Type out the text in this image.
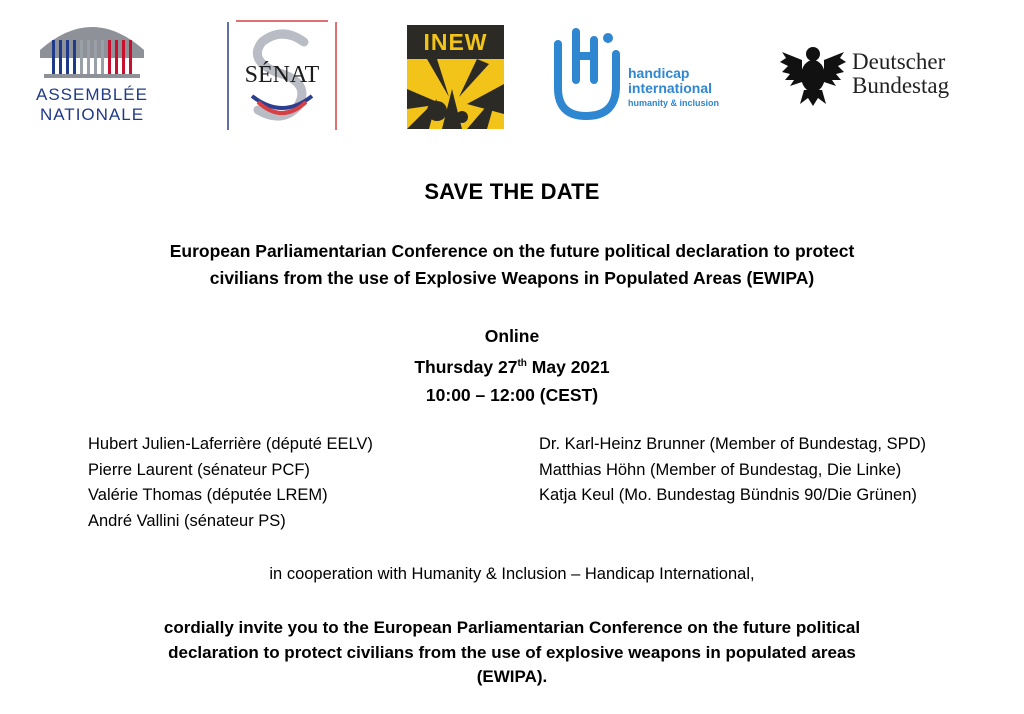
ASSEMBLÉE
NATIONALE
SÉNAT
INEW
handicap
international
humanity & inclusion
Deutscher
Bundestag
SAVE THE DATE
European Parliamentarian Conference on the future political declaration to protect
civilians from the use of Explosive Weapons in Populated Areas (EWIPA)
Online
Thursday 27th May 2021
10:00 – 12:00 (CEST)
Hubert Julien-Laferrière (député EELV)
Pierre Laurent (sénateur PCF)
Valérie Thomas (députée LREM)
André Vallini (sénateur PS)
Dr. Karl-Heinz Brunner (Member of Bundestag, SPD)
Matthias Höhn (Member of Bundestag, Die Linke)
Katja Keul (Mo. Bundestag Bündnis 90/Die Grünen)
in cooperation with Humanity & Inclusion – Handicap International,
cordially invite you to the European Parliamentarian Conference on the future political
declaration to protect civilians from the use of explosive weapons in populated areas
(EWIPA).
